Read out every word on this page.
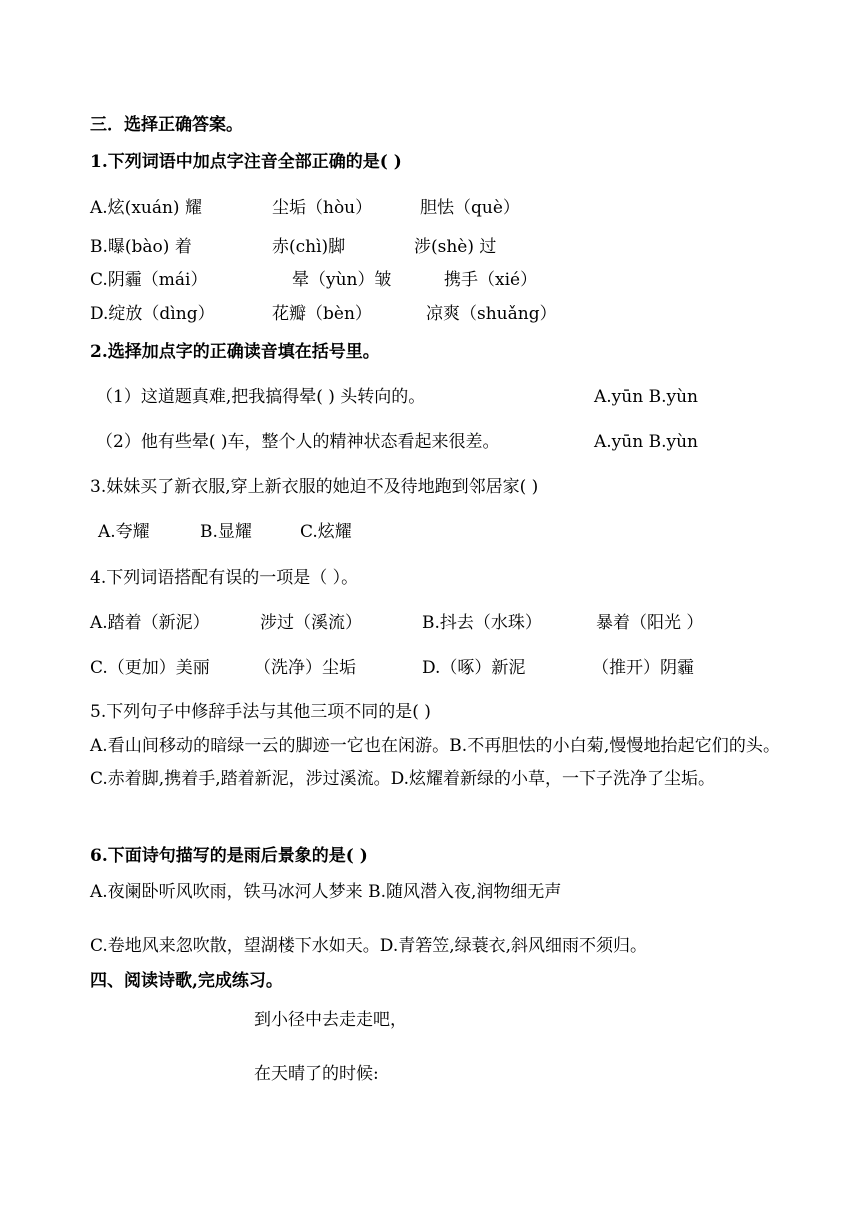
三．选择正确答案。
1.下列词语中加点字注音全部正确的是( )
A.炫(xuán) 耀	尘垢（hòu）	胆怯（què）
B.曝(bào) 着	赤(chì)脚	涉(shè) 过
C.阴霾（mái）	晕（yùn）皱	携手（xié）
D.绽放（dìng）	花瓣（bèn）	凉爽（shuǎng）
2.选择加点字的正确读音填在括号里。
（1）这道题真难,把我搞得晕( ) 头转向的。	A.yūn B.yùn
（2）他有些晕( )车，整个人的精神状态看起来很差。	A.yūn B.yùn
3.妹妹买了新衣服,穿上新衣服的她迫不及待地跑到邻居家( )
A.夸耀	B.显耀	C.炫耀
4.下列词语搭配有误的一项是（ ）。
A.踏着（新泥）	涉过（溪流）	B.抖去（水珠）	暴着（阳光 ）
C.（更加）美丽	（洗净）尘垢	D.（啄）新泥	（推开）阴霾
5.下列句子中修辞手法与其他三项不同的是( )
A.看山间移动的暗绿一云的脚迹一它也在闲游。B.不再胆怯的小白菊,慢慢地抬起它们的头。C.赤着脚,携着手,踏着新泥，涉过溪流。D.炫耀着新绿的小草，一下子洗净了尘垢。
6.下面诗句描写的是雨后景象的是( )
A.夜阑卧听风吹雨，铁马冰河人梦来 B.随风潜入夜,润物细无声
C.卷地风来忽吹散，望湖楼下水如天。D.青箬笠,绿蓑衣,斜风细雨不须归。
四、阅读诗歌,完成练习。
到小径中去走走吧，
在天晴了的时候:
